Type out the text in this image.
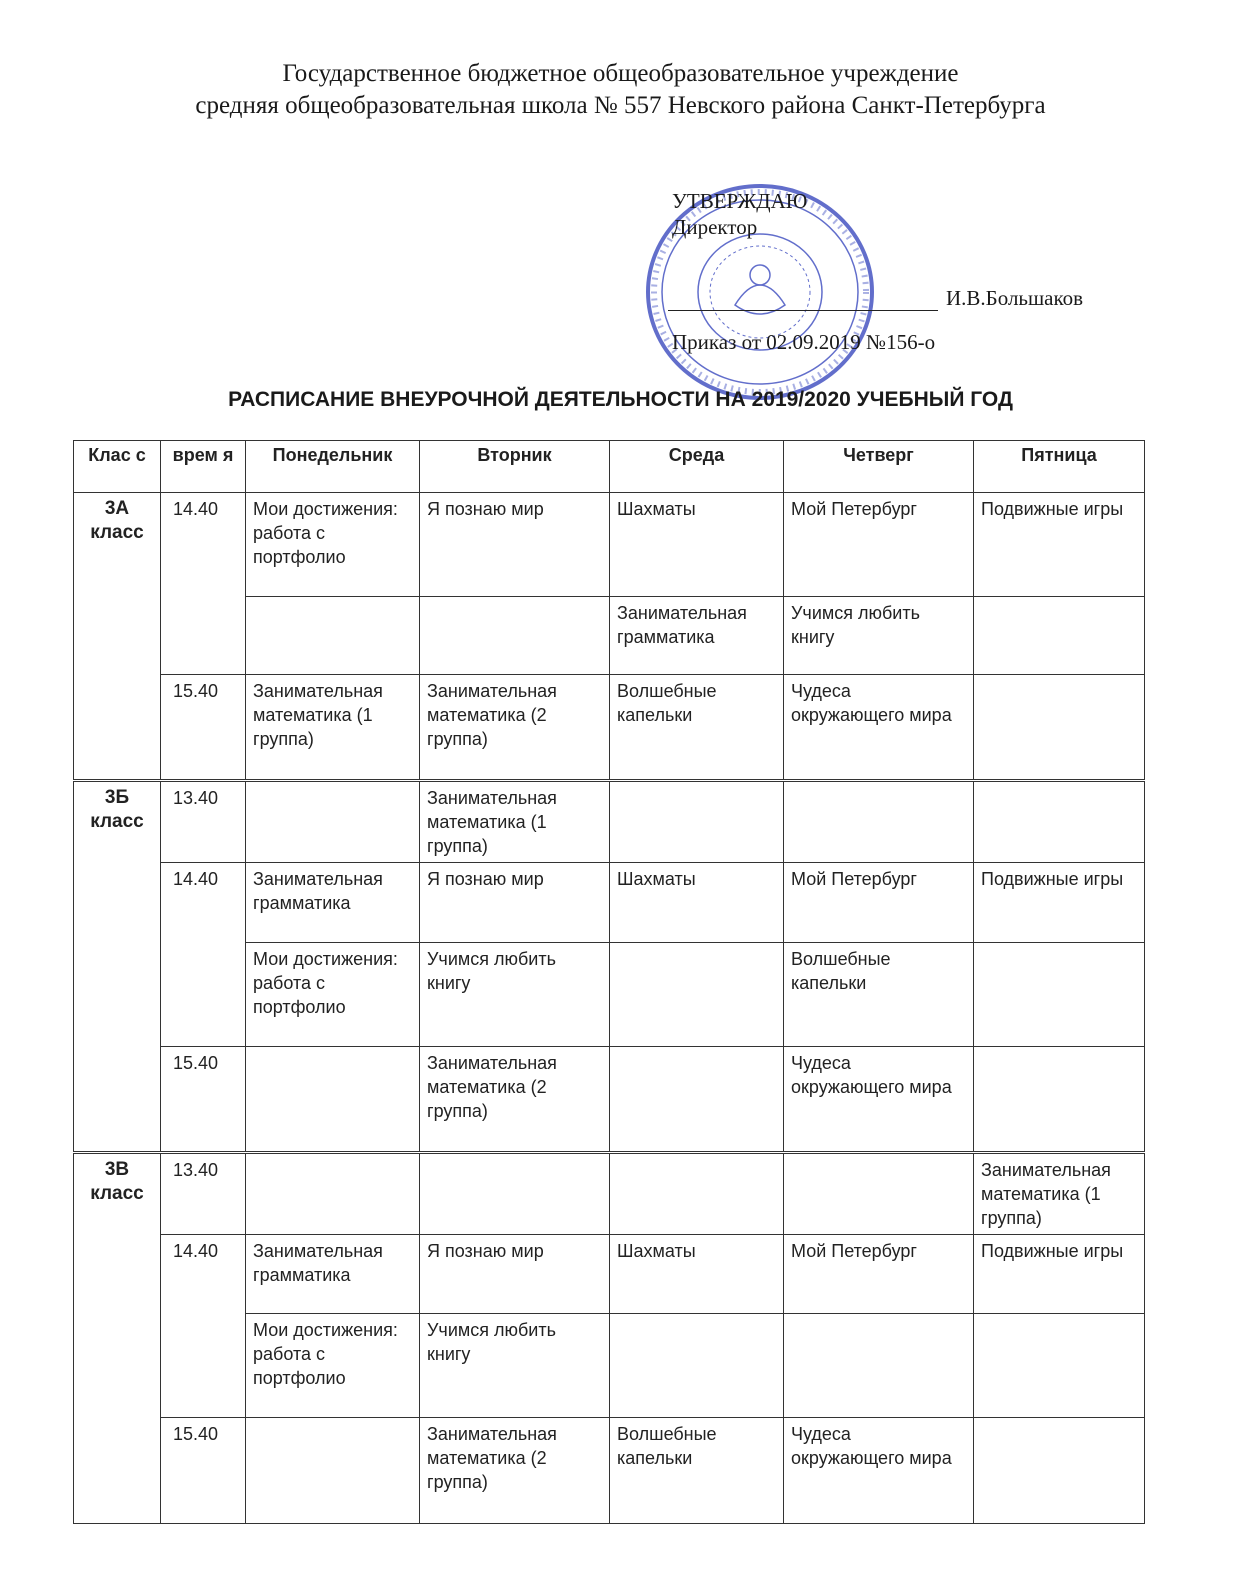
Государственное бюджетное общеобразовательное учреждение
средняя общеобразовательная школа № 557 Невского района Санкт-Петербурга
УТВЕРЖДАЮ
Директор
И.В.Большаков
Приказ от 02.09.2019 №156-о
РАСПИСАНИЕ ВНЕУРОЧНОЙ ДЕЯТЕЛЬНОСТИ НА 2019/2020 УЧЕБНЫЙ ГОД
Клас с	врем я	Понедельник	Вторник	Среда	Четверг	Пятница
3А класс	14.40	Мои достижения: работа с портфолио	Я познаю мир	Шахматы	Мой Петербург	Подвижные игры
				Занимательная грамматика	Учимся любить книгу	
	15.40	Занимательная математика (1 группа)	Занимательная математика (2 группа)	Волшебные капельки	Чудеса окружающего мира	
3Б класс	13.40		Занимательная математика (1 группа)			
	14.40	Занимательная грамматика	Я познаю мир	Шахматы	Мой Петербург	Подвижные игры
		Мои достижения: работа с портфолио	Учимся любить книгу		Волшебные капельки	
	15.40		Занимательная математика (2 группа)		Чудеса окружающего мира	
3В класс	13.40					Занимательная математика (1 группа)
	14.40	Занимательная грамматика	Я познаю мир	Шахматы	Мой Петербург	Подвижные игры
		Мои достижения: работа с портфолио	Учимся любить книгу			
	15.40		Занимательная математика (2 группа)	Волшебные капельки	Чудеса окружающего мира	
